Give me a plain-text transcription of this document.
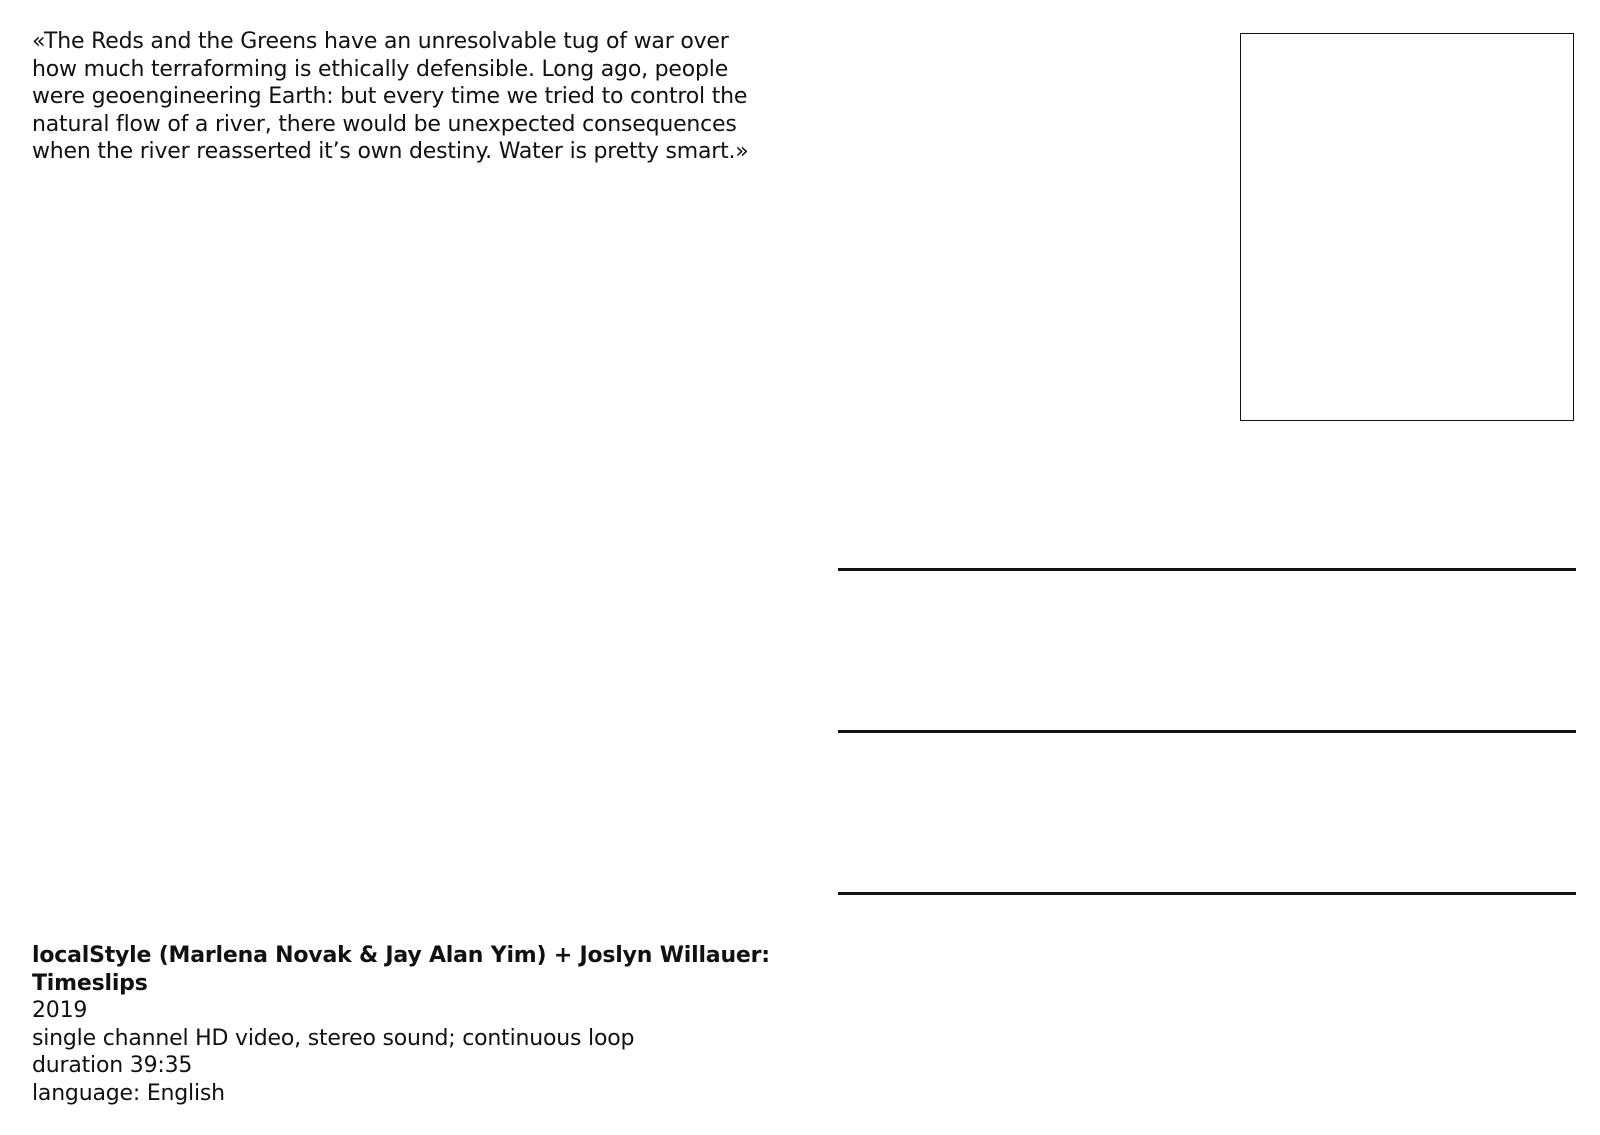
«The Reds and the Greens have an unresolvable tug of war over
how much terraforming is ethically defensible. Long ago, people
were geoengineering Earth: but every time we tried to control the
natural flow of a river, there would be unexpected consequences
when the river reasserted it’s own destiny. Water is pretty smart.»
localStyle (Marlena Novak & Jay Alan Yim) + Joslyn Willauer:
Timeslips
2019
single channel HD video, stereo sound; continuous loop
duration 39:35
language: English
